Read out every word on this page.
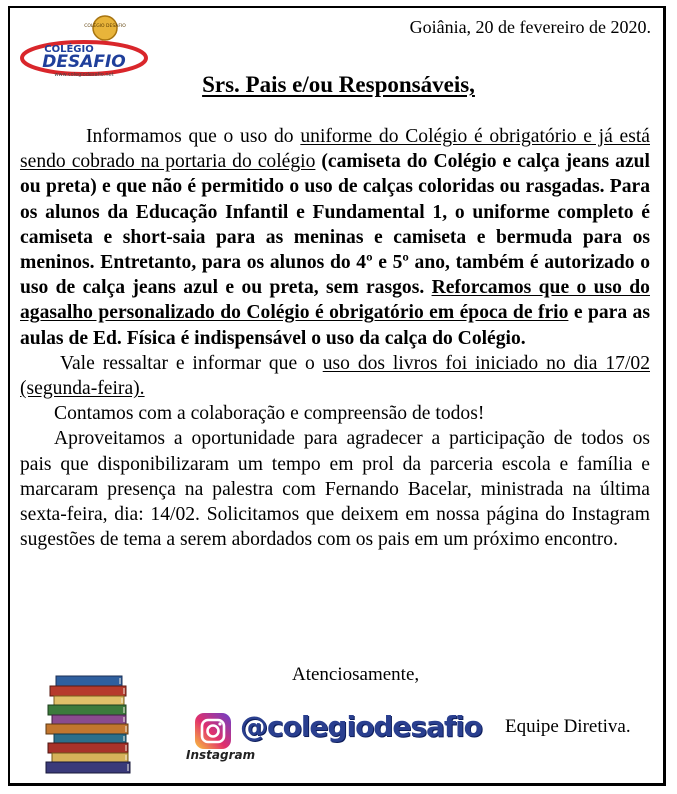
COLÉGIO DESAFIO
COLÉGIO
DESAFIO
www.colegiodesafio.net
Goiânia, 20 de fevereiro de 2020.
Srs. Pais e/ou Responsáveis,

Informamos que o uso do uniforme do Colégio é obrigatório e já está sendo cobrado na portaria do colégio (camiseta do Colégio e calça jeans azul ou preta) e que não é permitido o uso de calças coloridas ou rasgadas. Para os alunos da Educação Infantil e Fundamental 1, o uniforme completo é camiseta e short-saia para as meninas e camiseta e bermuda para os meninos. Entretanto, para os alunos do 4º e 5º ano, também é autorizado o uso de calça jeans azul e ou preta, sem rasgos. Reforcamos que o uso do agasalho personalizado do Colégio é obrigatório em época de frio e para as aulas de Ed. Física é indispensável o uso da calça do Colégio.

Vale ressaltar e informar que o uso dos livros foi iniciado no dia 17/02 (segunda-feira).

Contamos com a colaboração e compreensão de todos!

Aproveitamos a oportunidade para agradecer a participação de todos os pais que disponibilizaram um tempo em prol da parceria escola e família e marcaram presença na palestra com Fernando Bacelar, ministrada na última sexta-feira, dia: 14/02. Solicitamos que deixem em nossa página do Instagram sugestões de tema a serem abordados com os pais em um próximo encontro.

Atenciosamente,
Equipe Diretiva.
Instagram
@colegiodesafio
